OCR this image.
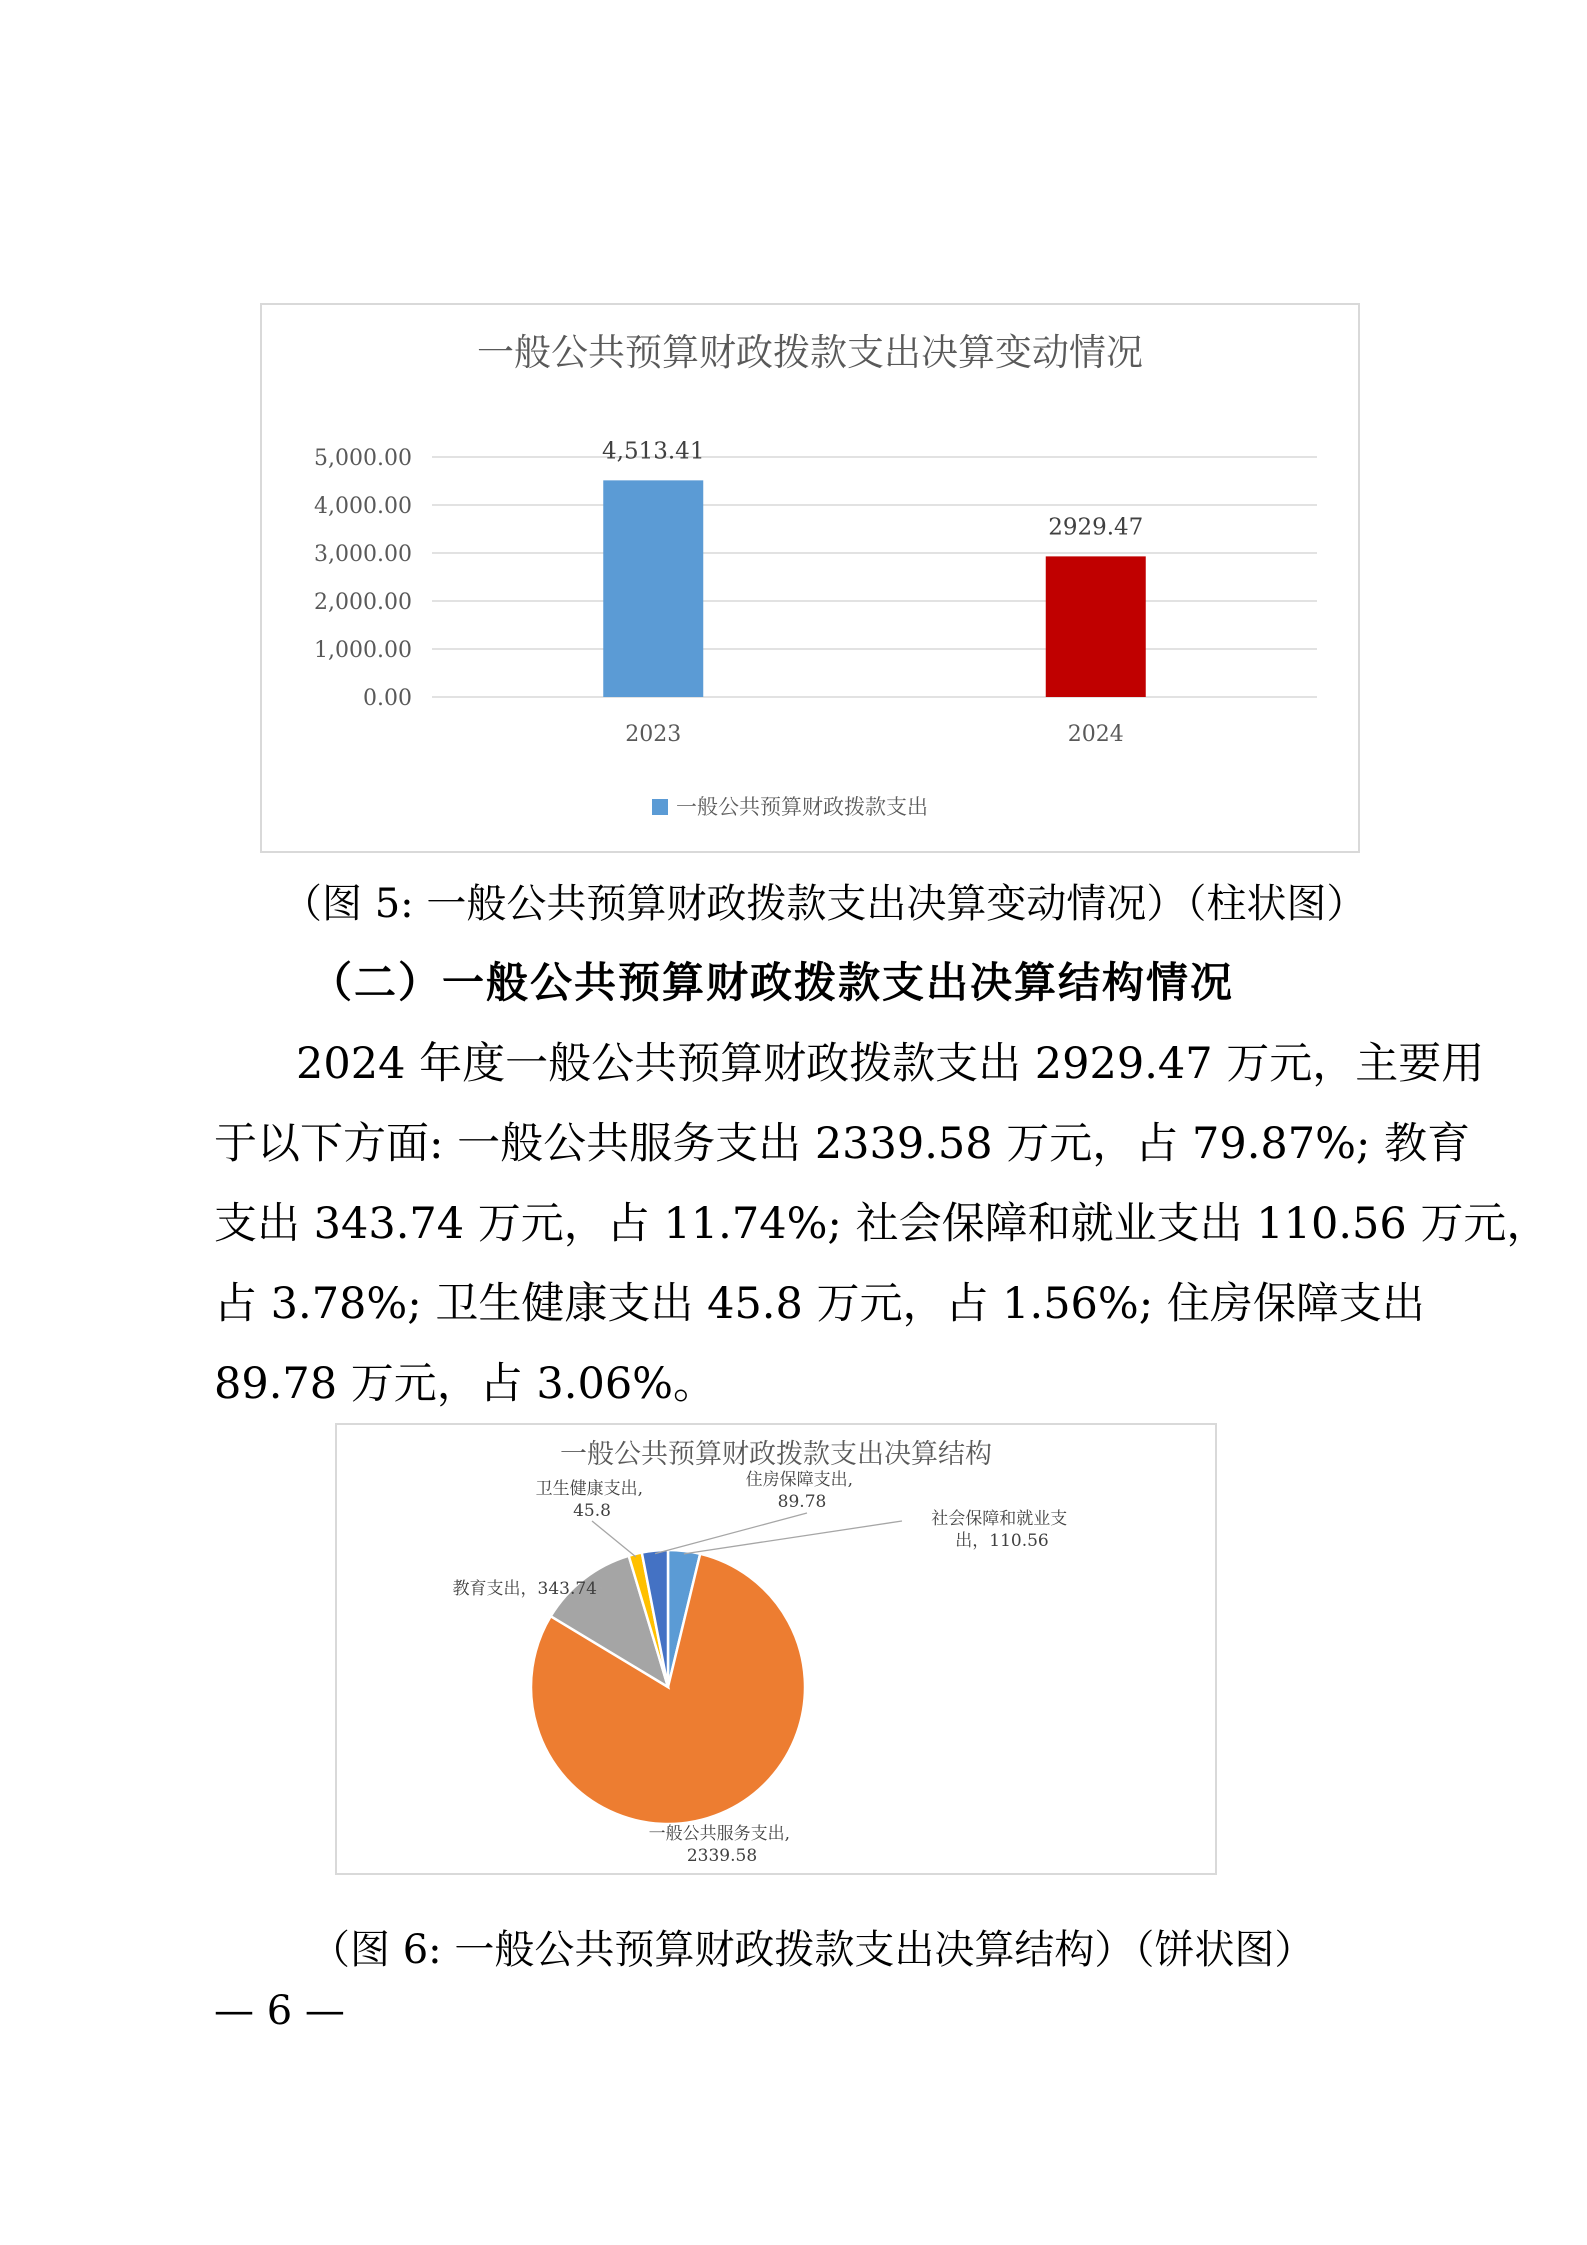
一般公共预算财政拨款支出决算变动情况
0.00
1,000.00
2,000.00
3,000.00
4,000.00
5,000.00	4,513.41
2929.47
2023	2024
一般公共预算财政拨款支出
（图 5: 一般公共预算财政拨款支出决算变动情况）（柱状图）
（二）一般公共预算财政拨款支出决算结构情况
2024 年度一般公共预算财政拨款支出 2929.47 万元，主要用
于以下方面: 一般公共服务支出 2339.58 万元，占 79.87%; 教育
支出 343.74 万元，占 11.74%; 社会保障和就业支出 110.56 万元，
占 3.78%; 卫生健康支出 45.8 万元，占 1.56%; 住房保障支出
89.78 万元，占 3.06%。
一般公共预算财政拨款支出决算结构
一般公共服务支出, 2339.58
教育支出，343.74
卫生健康支出, 45.8
住房保障支出, 89.78
社会保障和就业支 出，110.56
（图 6: 一般公共预算财政拨款支出决算结构）（饼状图）
— 6 —
